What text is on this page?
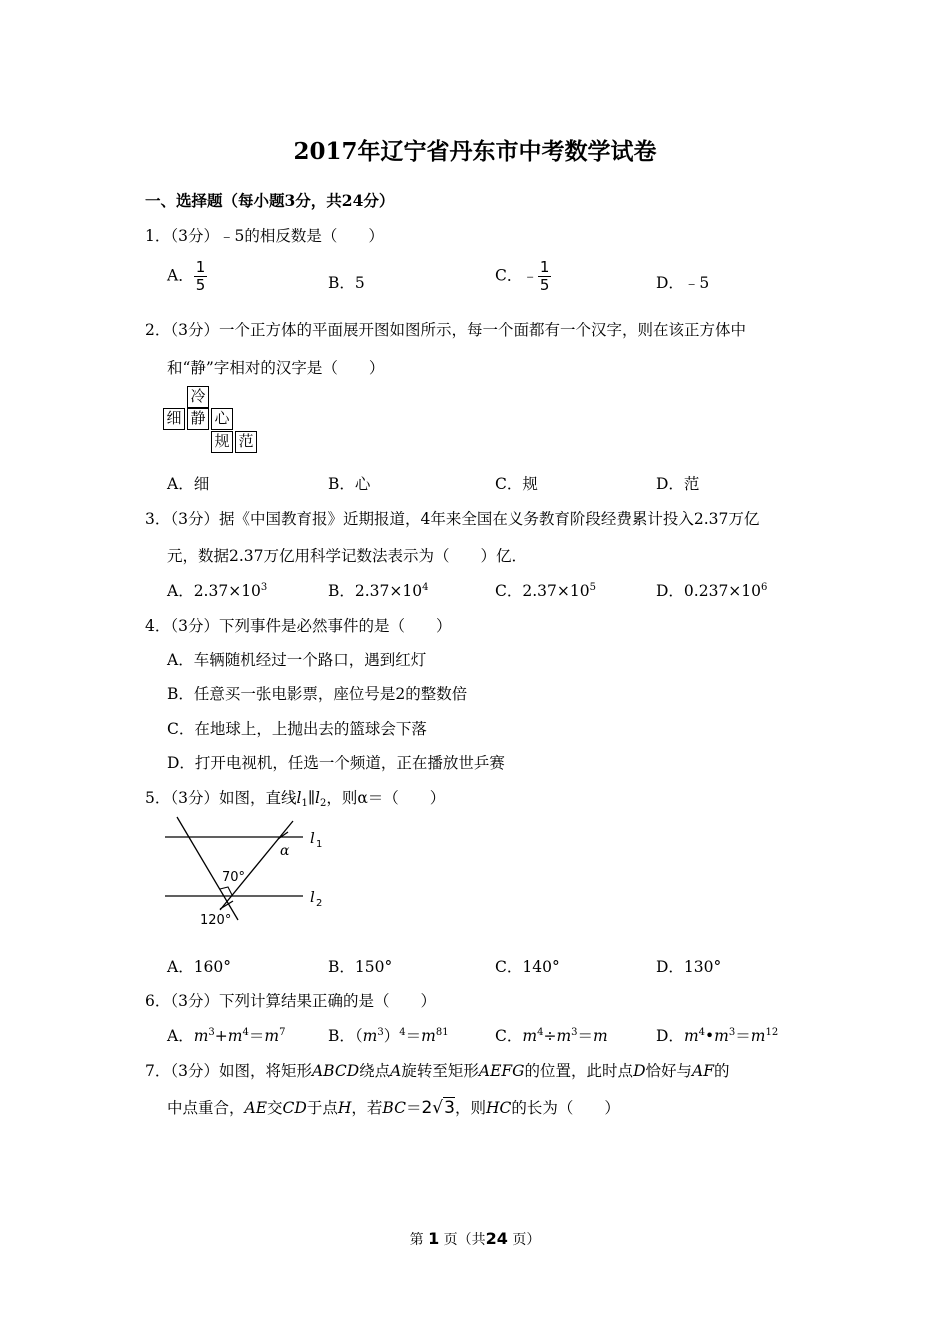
2017年辽宁省丹东市中考数学试卷
一、选择题（每小题3分，共24分）
1．（3分）﹣5的相反数是（　　）
A． $\frac{1}{5}$	B．5	C．﹣ $\frac{1}{5}$	D．﹣5
2．（3分）一个正方体的平面展开图如图所示，每一个面都有一个汉字，则在该正方体中
和“静”字相对的汉字是（　　）
冷
细 静 心
规 范
A．细	B．心	C．规	D．范
3．（3分）据《中国教育报》近期报道，4年来全国在义务教育阶段经费累计投入2.37万亿
元，数据2.37万亿用科学记数法表示为（　　）亿．
A．$2.37\times 10^3$	B．$2.37\times 10^4$	C．$2.37\times 10^5$	D．$0.237\times 10^6$
4．（3分）下列事件是必然事件的是（　　）
A．车辆随机经过一个路口，遇到红灯
B．任意买一张电影票，座位号是2的整数倍
C．在地球上，上抛出去的篮球会下落
D．打开电视机，任选一个频道，正在播放世乒赛
5．（3分）如图，直线$l_1\parallel l_2$，则α＝（　　）
70°
120°
α
l 1
l 2
A．160°	B．150°	C．140°	D．130°
6．（3分）下列计算结果正确的是（　　）
A．$m^3+m^4=m^7$	B．$(m^3)^4=m^{81}$	C．$m^4\div m^3=m$	D．$m^4•m^3=m^{12}$
7．（3分）如图，将矩形ABCD绕点A旋转至矩形AEFG的位置，此时点D恰好与AF的
中点重合，AE交CD于点H，若BC＝2√3，则HC的长为（　　）
第 1 页（共24 页）
